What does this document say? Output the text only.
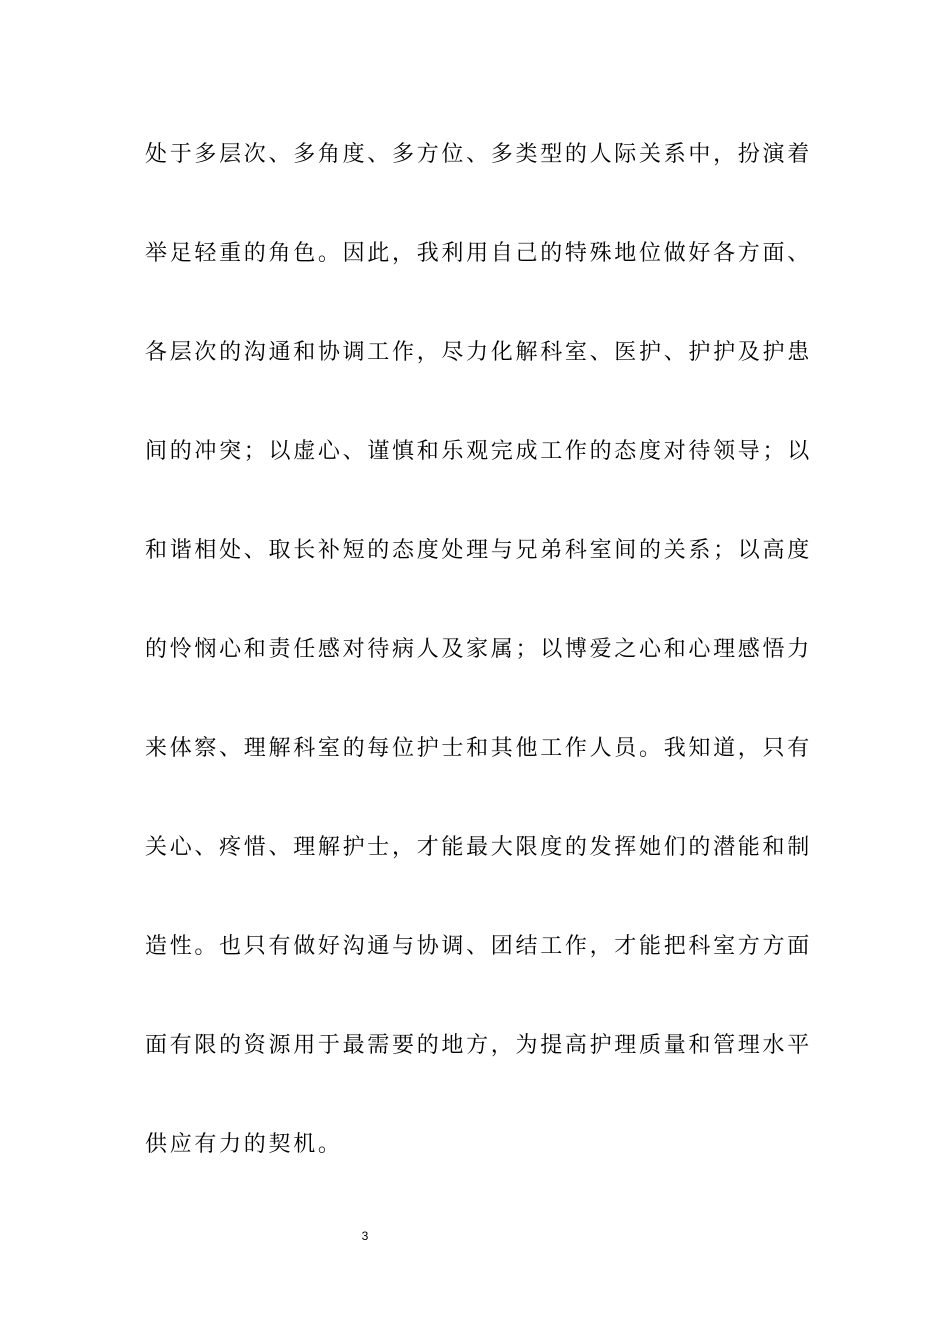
处于多层次、多角度、多方位、多类型的人际关系中，扮演着
举足轻重的角色。因此，我利用自己的特殊地位做好各方面、
各层次的沟通和协调工作，尽力化解科室、医护、护护及护患
间的冲突；以虚心、谨慎和乐观完成工作的态度对待领导；以
和谐相处、取长补短的态度处理与兄弟科室间的关系；以高度
的怜悯心和责任感对待病人及家属；以博爱之心和心理感悟力
来体察、理解科室的每位护士和其他工作人员。我知道，只有
关心、疼惜、理解护士，才能最大限度的发挥她们的潜能和制
造性。也只有做好沟通与协调、团结工作，才能把科室方方面
面有限的资源用于最需要的地方，为提高护理质量和管理水平
供应有力的契机。
3
